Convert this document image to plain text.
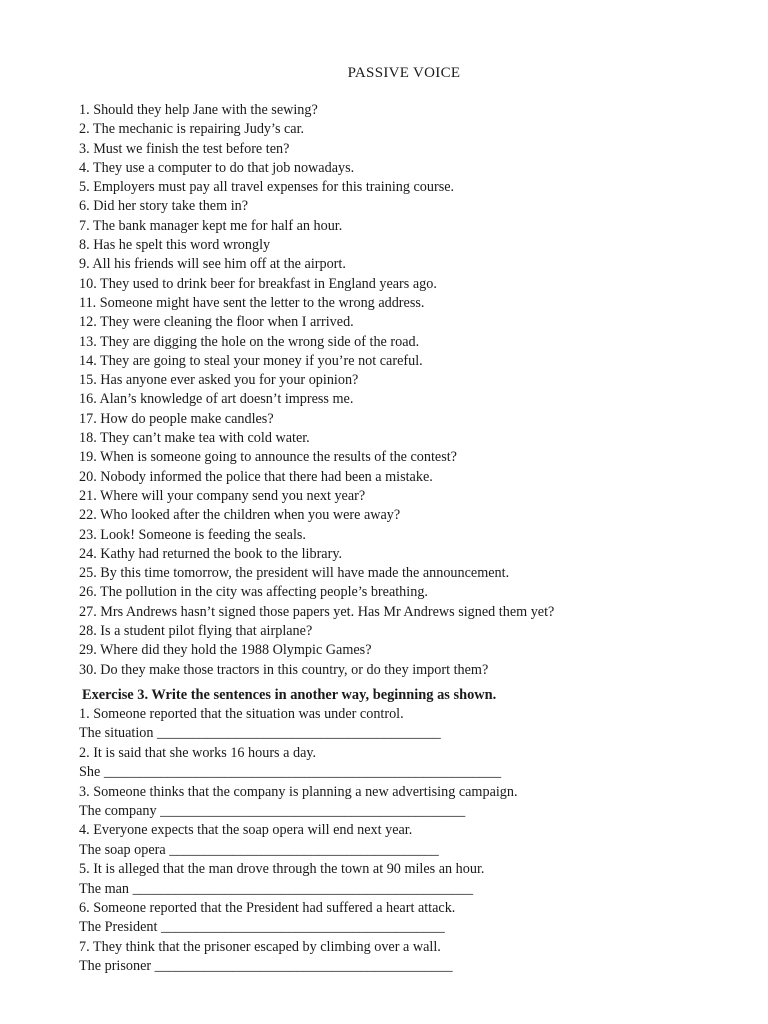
PASSIVE VOICE
1. Should they help Jane with the sewing?
2. The mechanic is repairing Judy’s car.
3. Must we finish the test before ten?
4. They use a computer to do that job nowadays.
5. Employers must pay all travel expenses for this training course.
6. Did her story take them in?
7. The bank manager kept me for half an hour.
8. Has he spelt this word wrongly
9. All his friends will see him off at the airport.
10. They used to drink beer for breakfast in England years ago.
11. Someone might have sent the letter to the wrong address.
12. They were cleaning the floor when I arrived.
13. They are digging the hole on the wrong side of the road.
14. They are going to steal your money if you’re not careful.
15. Has anyone ever asked you for your opinion?
16. Alan’s knowledge of art doesn’t impress me.
17. How do people make candles?
18. They can’t make tea with cold water.
19. When is someone going to announce the results of the contest?
20. Nobody informed the police that there had been a mistake.
21. Where will your company send you next year?
22. Who looked after the children when you were away?
23. Look! Someone is feeding the seals.
24. Kathy had returned the book to the library.
25. By this time tomorrow, the president will have made the announcement.
26. The pollution in the city was affecting people’s breathing.
27. Mrs Andrews hasn’t signed those papers yet. Has Mr Andrews signed them yet?
28. Is a student pilot flying that airplane?
29. Where did they hold the 1988 Olympic Games?
30. Do they make those tractors in this country, or do they import them?
Exercise 3. Write the sentences in another way, beginning as shown.
1. Someone reported that the situation was under control.
The situation ________________________________________
2. It is said that she works 16 hours a day.
She ________________________________________________________
3. Someone thinks that the company is planning a new advertising campaign.
The company ___________________________________________
4. Everyone expects that the soap opera will end next year.
The soap opera ______________________________________
5. It is alleged that the man drove through the town at 90 miles an hour.
The man ________________________________________________
6. Someone reported that the President had suffered a heart attack.
The President ________________________________________
7. They think that the prisoner escaped by climbing over a wall.
The prisoner __________________________________________
